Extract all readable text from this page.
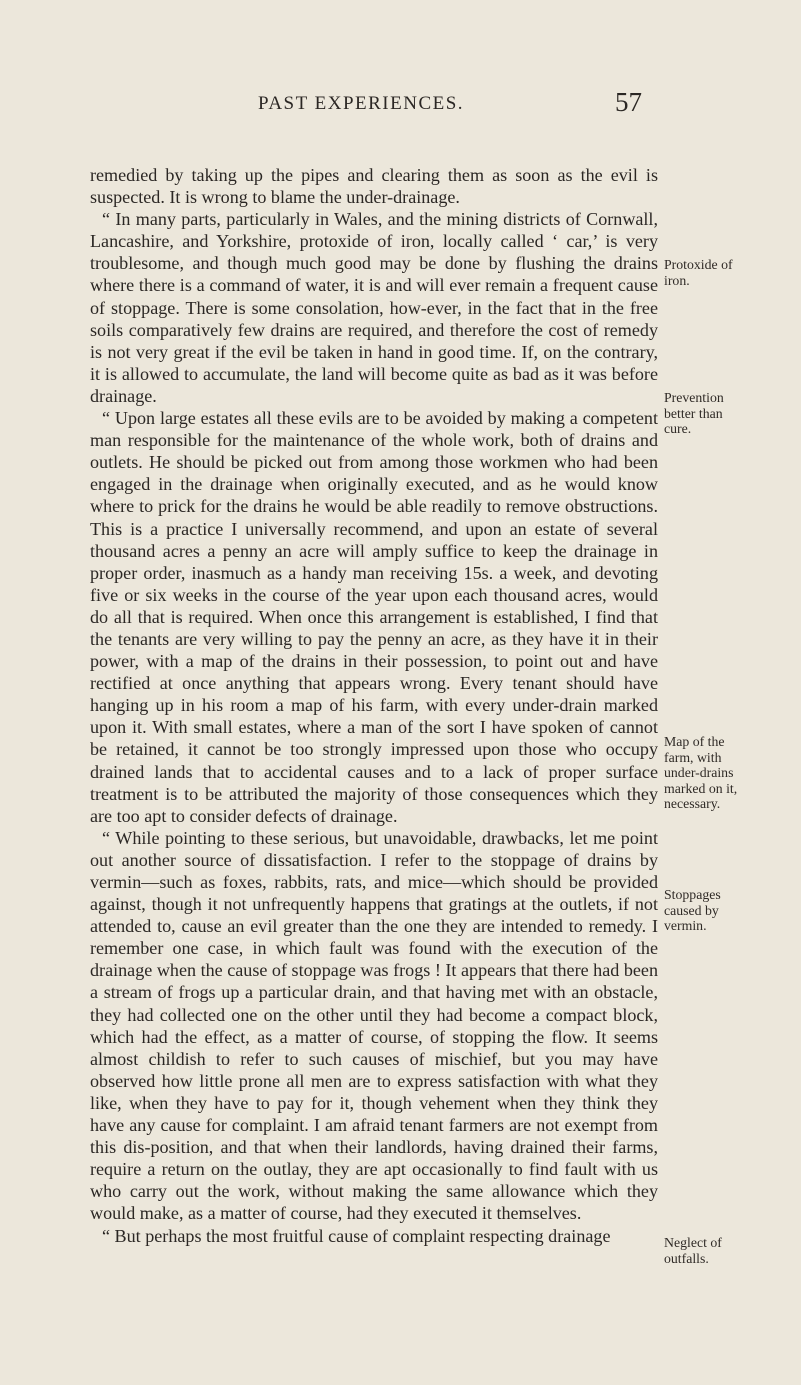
PAST EXPERIENCES.	57

remedied by taking up the pipes and clearing them as soon as the evil is suspected. It is wrong to blame the under-drainage.

“ In many parts, particularly in Wales, and the mining districts of Cornwall, Lancashire, and Yorkshire, protoxide of iron, locally called ‘ car,’ is very troublesome, and though much good may be done by flushing the drains where there is a command of water, it is and will ever remain a frequent cause of stoppage. There is some consolation, how-ever, in the fact that in the free soils comparatively few drains are required, and therefore the cost of remedy is not very great if the evil be taken in hand in good time. If, on the contrary, it is allowed to accumulate, the land will become quite as bad as it was before drainage.

“ Upon large estates all these evils are to be avoided by making a competent man responsible for the maintenance of the whole work, both of drains and outlets. He should be picked out from among those workmen who had been engaged in the drainage when originally executed, and as he would know where to prick for the drains he would be able readily to remove obstructions. This is a practice I universally recommend, and upon an estate of several thousand acres a penny an acre will amply suffice to keep the drainage in proper order, inasmuch as a handy man receiving 15s. a week, and devoting five or six weeks in the course of the year upon each thousand acres, would do all that is required. When once this arrangement is established, I find that the tenants are very willing to pay the penny an acre, as they have it in their power, with a map of the drains in their possession, to point out and have rectified at once anything that appears wrong. Every tenant should have hanging up in his room a map of his farm, with every under-drain marked upon it. With small estates, where a man of the sort I have spoken of cannot be retained, it cannot be too strongly impressed upon those who occupy drained lands that to accidental causes and to a lack of proper surface treatment is to be attributed the majority of those consequences which they are too apt to consider defects of drainage.

“ While pointing to these serious, but unavoidable, drawbacks, let me point out another source of dissatisfaction. I refer to the stoppage of drains by vermin—such as foxes, rabbits, rats, and mice—which should be provided against, though it not unfrequently happens that gratings at the outlets, if not attended to, cause an evil greater than the one they are intended to remedy. I remember one case, in which fault was found with the execution of the drainage when the cause of stoppage was frogs ! It appears that there had been a stream of frogs up a particular drain, and that having met with an obstacle, they had collected one on the other until they had become a compact block, which had the effect, as a matter of course, of stopping the flow. It seems almost childish to refer to such causes of mischief, but you may have observed how little prone all men are to express satisfaction with what they like, when they have to pay for it, though vehement when they think they have any cause for complaint. I am afraid tenant farmers are not exempt from this dis-position, and that when their landlords, having drained their farms, require a return on the outlay, they are apt occasionally to find fault with us who carry out the work, without making the same allowance which they would make, as a matter of course, had they executed it themselves.

“ But perhaps the most fruitful cause of complaint respecting drainage

Protoxide of
iron.
Prevention
better than
cure.
Map of the
farm, with
under-drains
marked on it,
necessary.
Stoppages
caused by
vermin.
Neglect of
outfalls.
